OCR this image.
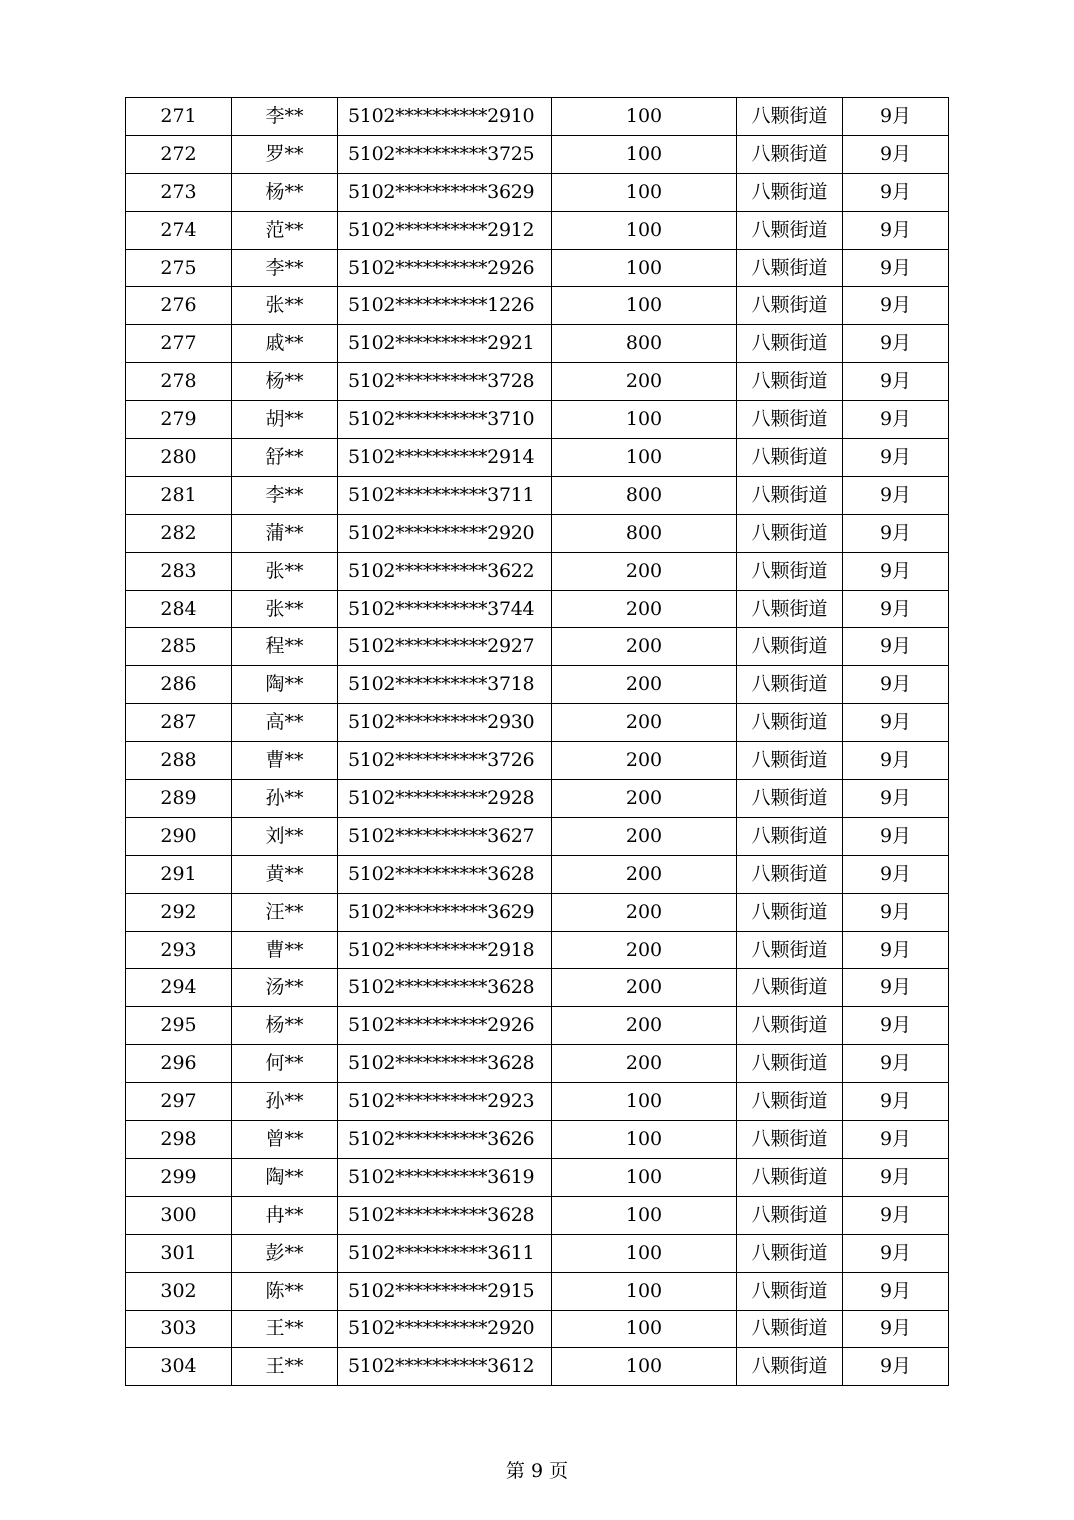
271	李**	5102**********2910	100	八颗街道	9月
272	罗**	5102**********3725	100	八颗街道	9月
273	杨**	5102**********3629	100	八颗街道	9月
274	范**	5102**********2912	100	八颗街道	9月
275	李**	5102**********2926	100	八颗街道	9月
276	张**	5102**********1226	100	八颗街道	9月
277	戚**	5102**********2921	800	八颗街道	9月
278	杨**	5102**********3728	200	八颗街道	9月
279	胡**	5102**********3710	100	八颗街道	9月
280	舒**	5102**********2914	100	八颗街道	9月
281	李**	5102**********3711	800	八颗街道	9月
282	蒲**	5102**********2920	800	八颗街道	9月
283	张**	5102**********3622	200	八颗街道	9月
284	张**	5102**********3744	200	八颗街道	9月
285	程**	5102**********2927	200	八颗街道	9月
286	陶**	5102**********3718	200	八颗街道	9月
287	高**	5102**********2930	200	八颗街道	9月
288	曹**	5102**********3726	200	八颗街道	9月
289	孙**	5102**********2928	200	八颗街道	9月
290	刘**	5102**********3627	200	八颗街道	9月
291	黄**	5102**********3628	200	八颗街道	9月
292	汪**	5102**********3629	200	八颗街道	9月
293	曹**	5102**********2918	200	八颗街道	9月
294	汤**	5102**********3628	200	八颗街道	9月
295	杨**	5102**********2926	200	八颗街道	9月
296	何**	5102**********3628	200	八颗街道	9月
297	孙**	5102**********2923	100	八颗街道	9月
298	曾**	5102**********3626	100	八颗街道	9月
299	陶**	5102**********3619	100	八颗街道	9月
300	冉**	5102**********3628	100	八颗街道	9月
301	彭**	5102**********3611	100	八颗街道	9月
302	陈**	5102**********2915	100	八颗街道	9月
303	王**	5102**********2920	100	八颗街道	9月
304	王**	5102**********3612	100	八颗街道	9月
第 9 页
